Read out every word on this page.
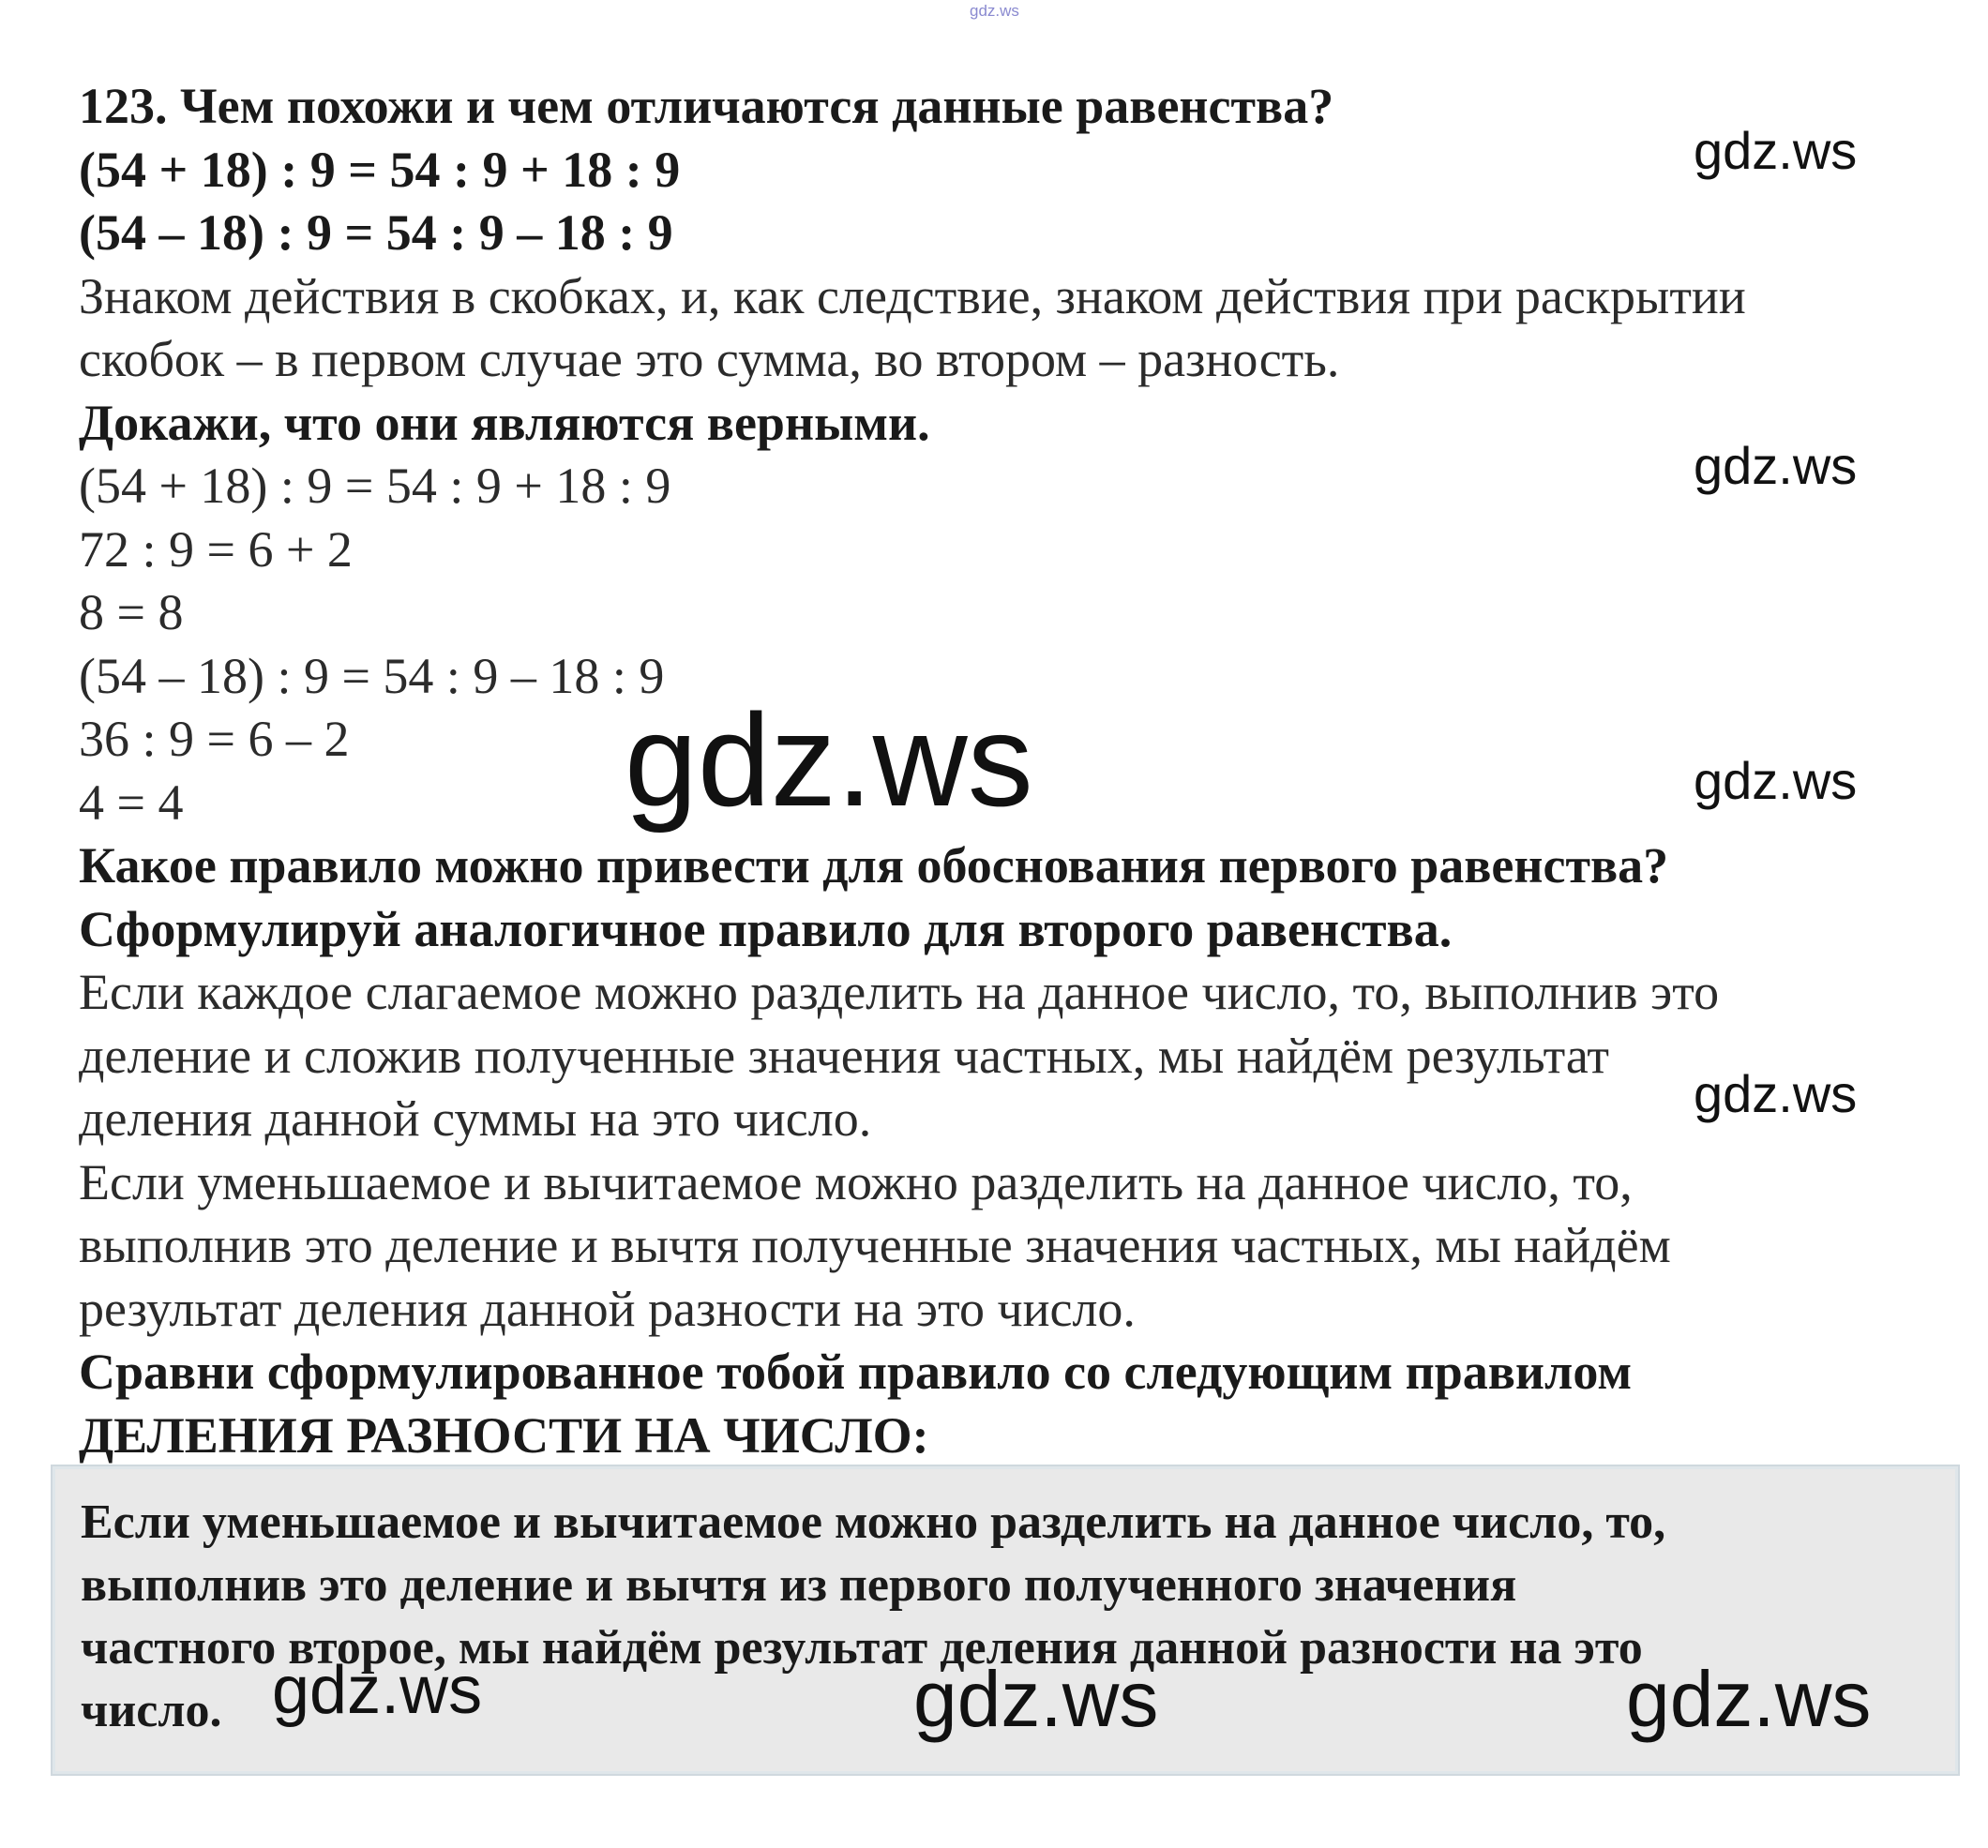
gdz.ws
123. Чем похожи и чем отличаются данные равенства?
(54 + 18) : 9 = 54 : 9 + 18 : 9
(54 – 18) : 9 = 54 : 9 – 18 : 9
Знаком действия в скобках, и, как следствие, знаком действия при раскрытии
скобок – в первом случае это сумма, во втором – разность.
Докажи, что они являются верными.
(54 + 18) : 9 = 54 : 9 + 18 : 9
72 : 9 = 6 + 2
8 = 8
(54 – 18) : 9 = 54 : 9 – 18 : 9
36 : 9 = 6 – 2
4 = 4
Какое правило можно привести для обоснования первого равенства?
Сформулируй аналогичное правило для второго равенства.
Если каждое слагаемое можно разделить на данное число, то, выполнив это
деление и сложив полученные значения частных, мы найдём результат
деления данной суммы на это число.
Если уменьшаемое и вычитаемое можно разделить на данное число, то,
выполнив это деление и вычтя полученные значения частных, мы найдём
результат деления данной разности на это число.
Сравни сформулированное тобой правило со следующим правилом
ДЕЛЕНИЯ РАЗНОСТИ НА ЧИСЛО:
Если уменьшаемое и вычитаемое можно разделить на данное число, то,
выполнив это деление и вычтя из первого полученного значения
частного второе, мы найдём результат деления данной разности на это
число.
gdz.ws
gdz.ws
gdz.ws	gdz.ws
gdz.ws
gdz.ws	gdz.ws	gdz.ws
